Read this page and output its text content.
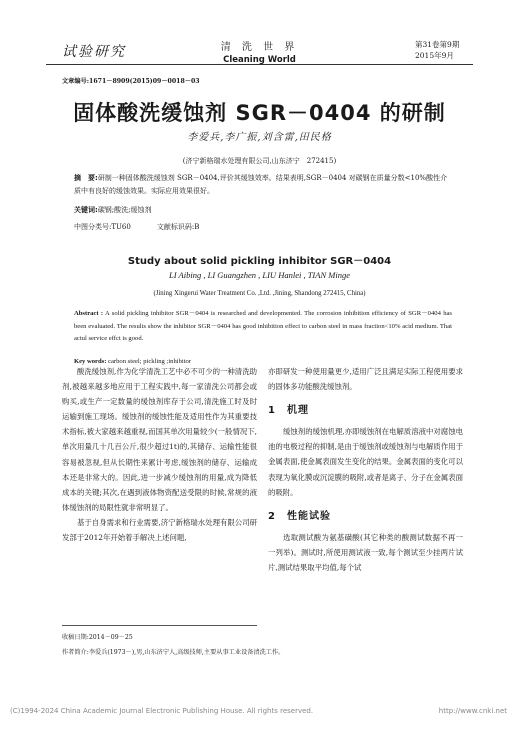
试验研究	清 洗 世 界
Cleaning World
第31卷第9期
2015年9月
文章编号:1671－8909(2015)09－0018－03
固体酸洗缓蚀剂 SGR－0404 的研制
李爱兵,李广振,刘含雷,田民格
(济宁新格瑞水处理有限公司,山东济宁　272415)
摘　要:研制一种固体酸洗缓蚀剂 SGR－0404,评价其缓蚀效率。结果表明,SGR－0404 对碳钢在质量分数<10%酸性介质中有良好的缓蚀效果。实际应用效果很好。
关键词:碳钢;酸洗;缓蚀剂
中图分类号:TU60	文献标识码:B
Study about solid pickling inhibitor SGR－0404
LI Aibing , LI Guangzhen , LIU Hanlei , TIAN Minge
(Jining Xingerui Water Treatment Co. ,Ltd. ,Jining, Shandong 272415, China)
Abstract : A solid pickling inhibitor SGR－0404 is researched and developmented. The corrosion inhibition efficiency of SGR－0404 has been evaluated. The results show the inhibitor SGR－0404 has good inhibition effect to carbon steel in mass fraction<10% acid medium. That actul service effct is good.
Key words: carbon steel; pickling ;inhibitor

酸洗缓蚀剂,作为化学清洗工艺中必不可少的一种清洗助剂,被越来越多地应用于工程实践中,每一家清洗公司都会或购买,或生产一定数量的缓蚀剂库存于公司,清洗施工时及时运输到施工现场。缓蚀剂的缓蚀性能及适用性作为其重要技术指标,被大家越来越重视,而国其单次用量较少(一般情况下,单次用量几十几百公斤,很少超过1t)的,其储存、运输性能很容易被忽视,但从长期性来累计考虑,缓蚀剂的储存、运输成本还是非常大的。因此,进一步减少缓蚀剂的用量,成为降低成本的关键;其次,在遇到液体物资配送受限的时候,常规的液体缓蚀剂的局限性就非常明显了。

基于自身需求和行业需要,济宁新格瑞水处理有限公司研发部于2012年开始着手解决上述问题,

亦即研发一种使用量更少,适用广泛且满足实际工程使用要求的固体多功能酸洗缓蚀剂。

1　机理

缓蚀剂的缓蚀机理,亦即缓蚀剂在电解质溶液中对腐蚀电池的电极过程的抑制,是由于缓蚀剂或缓蚀剂与电解质作用于金属表面,使金属表面发生变化的结果。金属表面的变化可以表现为氧化膜或沉淀膜的吸附,或者是离子、分子在金属表面的吸附。

2　性能试验

选取测试酸为氨基磺酸(其它种类的酸测试数据不再一一列举)。测试时,所使用测试液一致,每个测试至少挂两片试片,测试结果取平均值,每个试

收稿日期:2014－09－25
作者简介:李爱兵(1973－),男,山东济宁人,高级技师,主要从事工业设备清洗工作。
(C)1994-2024 China Academic Journal Electronic Publishing House. All rights reserved.	http://www.cnki.net
